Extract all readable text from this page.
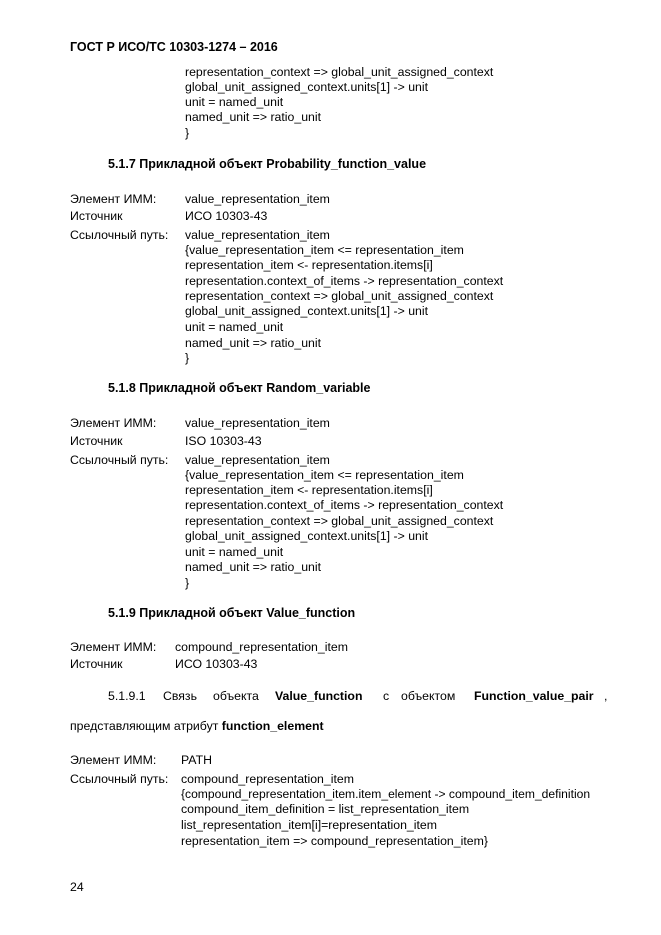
ГОСТ Р ИСО/ТС 10303-1274 – 2016
representation_context => global_unit_assigned_context
global_unit_assigned_context.units[1] -> unit
unit = named_unit
named_unit => ratio_unit
}
5.1.7 Прикладной объект Probability_function_value
Элемент ИММ: value_representation_item
Источник	ИСО 10303-43
Ссылочный путь: value_representation_item
{value_representation_item <= representation_item
representation_item <- representation.items[i]
representation.context_of_items -> representation_context
representation_context => global_unit_assigned_context
global_unit_assigned_context.units[1] -> unit
unit = named_unit
named_unit => ratio_unit
}
5.1.8 Прикладной объект Random_variable
Элемент ИММ: value_representation_item
Источник	ISO 10303-43
Ссылочный путь: value_representation_item
{value_representation_item <= representation_item
representation_item <- representation.items[i]
representation.context_of_items -> representation_context
representation_context => global_unit_assigned_context
global_unit_assigned_context.units[1] -> unit
unit = named_unit
named_unit => ratio_unit
}
5.1.9 Прикладной объект Value_function
Элемент ИММ: compound_representation_item
Источник	ИСО 10303-43
5.1.9.1 Связь объекта Value_function с объектом Function_value_pair ,
представляющим атрибут function_element
Элемент ИММ: PATH
Ссылочный путь: compound_representation_item
{compound_representation_item.item_element -> compound_item_definition
compound_item_definition = list_representation_item
list_representation_item[i]=representation_item
representation_item => compound_representation_item}
24
